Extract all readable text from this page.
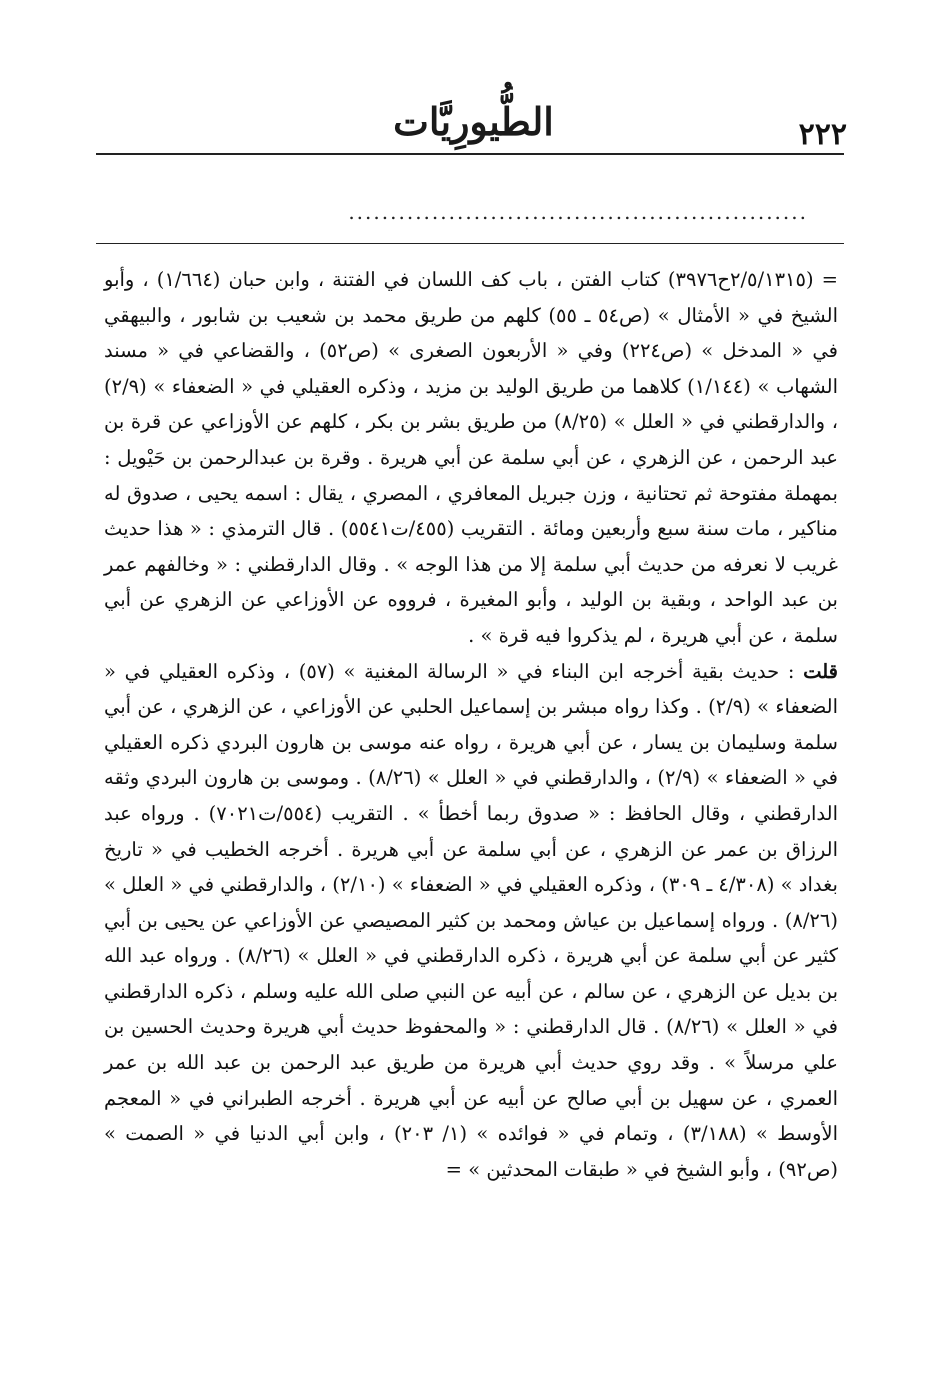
الطُّيورِيَّات	٢٢٢
.......................................................

= (٢/٥/١٣١٥ح٣٩٧٦) كتاب الفتن ، باب كف اللسان في الفتنة ، وابن حبان (١/٦٦٤) ، وأبو الشيخ في « الأمثال » (ص٥٤ ـ ٥٥) كلهم من طريق محمد بن شعيب بن شابور ، والبيهقي في « المدخل » (ص٢٢٤) وفي « الأربعون الصغرى » (ص٥٢) ، والقضاعي في « مسند الشهاب » (١/١٤٤) كلاهما من طريق الوليد بن مزيد ، وذكره العقيلي في « الضعفاء » (٢/٩) ، والدارقطني في « العلل » (٨/٢٥) من طريق بشر بن بكر ، كلهم عن الأوزاعي عن قرة بن عبد الرحمن ، عن الزهري ، عن أبي سلمة عن أبي هريرة . وقرة بن عبدالرحمن بن حَيْويل : بمهملة مفتوحة ثم تحتانية ، وزن جبريل المعافري ، المصري ، يقال : اسمه يحيى ، صدوق له مناكير ، مات سنة سبع وأربعين ومائة . التقريب (٤٥٥/ت٥٥٤١) . قال الترمذي : « هذا حديث غريب لا نعرفه من حديث أبي سلمة إلا من هذا الوجه » . وقال الدارقطني : « وخالفهم عمر بن عبد الواحد ، وبقية بن الوليد ، وأبو المغيرة ، فرووه عن الأوزاعي عن الزهري عن أبي سلمة ، عن أبي هريرة ، لم يذكروا فيه قرة » .

قلت : حديث بقية أخرجه ابن البناء في « الرسالة المغنية » (٥٧) ، وذكره العقيلي في « الضعفاء » (٢/٩) . وكذا رواه مبشر بن إسماعيل الحلبي عن الأوزاعي ، عن الزهري ، عن أبي سلمة وسليمان بن يسار ، عن أبي هريرة ، رواه عنه موسى بن هارون البردي ذكره العقيلي في « الضعفاء » (٢/٩) ، والدارقطني في « العلل » (٨/٢٦) . وموسى بن هارون البردي وثقه الدارقطني ، وقال الحافظ : « صدوق ربما أخطأ » . التقريب (٥٥٤/ت٧٠٢١) . ورواه عبد الرزاق بن عمر عن الزهري ، عن أبي سلمة عن أبي هريرة . أخرجه الخطيب في « تاريخ بغداد » (٤/٣٠٨ ـ ٣٠٩) ، وذكره العقيلي في « الضعفاء » (٢/١٠) ، والدارقطني في « العلل » (٨/٢٦) . ورواه إسماعيل بن عياش ومحمد بن كثير المصيصي عن الأوزاعي عن يحيى بن أبي كثير عن أبي سلمة عن أبي هريرة ، ذكره الدارقطني في « العلل » (٨/٢٦) . ورواه عبد الله بن بديل عن الزهري ، عن سالم ، عن أبيه عن النبي صلى الله عليه وسلم ، ذكره الدارقطني في « العلل » (٨/٢٦) . قال الدارقطني : « والمحفوظ حديث أبي هريرة وحديث الحسين بن علي مرسلاً » . وقد روي حديث أبي هريرة من طريق عبد الرحمن بن عبد الله بن عمر العمري ، عن سهيل بن أبي صالح عن أبيه عن أبي هريرة . أخرجه الطبراني في « المعجم الأوسط » (٣/١٨٨) ، وتمام في « فوائده » (١/ ٢٠٣) ، وابن أبي الدنيا في « الصمت » (ص٩٢) ، وأبو الشيخ في « طبقات المحدثين » =
